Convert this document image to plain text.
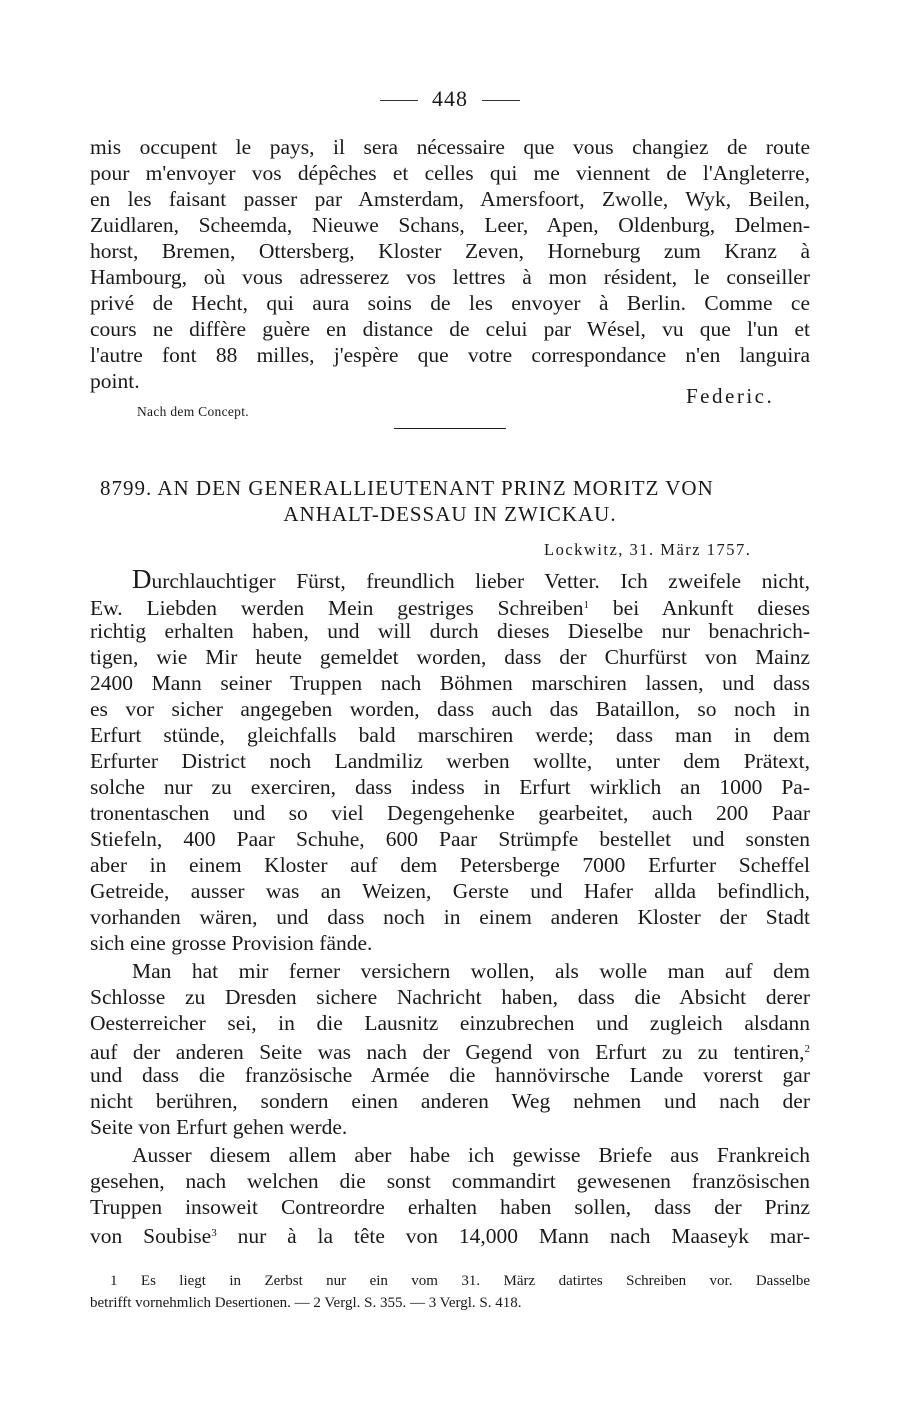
448
mis occupent le pays, il sera nécessaire que vous changiez de route
pour m'envoyer vos dépêches et celles qui me viennent de l'Angleterre,
en les faisant passer par Amsterdam, Amersfoort, Zwolle, Wyk, Beilen,
Zuidlaren, Scheemda, Nieuwe Schans, Leer, Apen, Oldenburg, Delmen-
horst, Bremen, Ottersberg, Kloster Zeven, Horneburg zum Kranz à
Hambourg, où vous adresserez vos lettres à mon résident, le conseiller
privé de Hecht, qui aura soins de les envoyer à Berlin. Comme ce
cours ne diffère guère en distance de celui par Wésel, vu que l'un et
l'autre font 88 milles, j'espère que votre correspondance n'en languira
point.
Federic.
Nach dem Concept.
8799. AN DEN GENERALLIEUTENANT PRINZ MORITZ VON
ANHALT-DESSAU IN ZWICKAU.
Lockwitz, 31. März 1757.
Durchlauchtiger Fürst, freundlich lieber Vetter. Ich zweifele nicht,
Ew. Liebden werden Mein gestriges Schreiben$^1$ bei Ankunft dieses
richtig erhalten haben, und will durch dieses Dieselbe nur benachrich-
tigen, wie Mir heute gemeldet worden, dass der Churfürst von Mainz
2400 Mann seiner Truppen nach Böhmen marschiren lassen, und dass
es vor sicher angegeben worden, dass auch das Bataillon, so noch in
Erfurt stünde, gleichfalls bald marschiren werde; dass man in dem
Erfurter District noch Landmiliz werben wollte, unter dem Prätext,
solche nur zu exerciren, dass indess in Erfurt wirklich an 1000 Pa-
tronentaschen und so viel Degengehenke gearbeitet, auch 200 Paar
Stiefeln, 400 Paar Schuhe, 600 Paar Strümpfe bestellet und sonsten
aber in einem Kloster auf dem Petersberge 7000 Erfurter Scheffel
Getreide, ausser was an Weizen, Gerste und Hafer allda befindlich,
vorhanden wären, und dass noch in einem anderen Kloster der Stadt
sich eine grosse Provision fände.
Man hat mir ferner versichern wollen, als wolle man auf dem
Schlosse zu Dresden sichere Nachricht haben, dass die Absicht derer
Oesterreicher sei, in die Lausnitz einzubrechen und zugleich alsdann
auf der anderen Seite was nach der Gegend von Erfurt zu zu tentiren,$^2$
und dass die französische Armée die hannövirsche Lande vorerst gar
nicht berühren, sondern einen anderen Weg nehmen und nach der
Seite von Erfurt gehen werde.
Ausser diesem allem aber habe ich gewisse Briefe aus Frankreich
gesehen, nach welchen die sonst commandirt gewesenen französischen
Truppen insoweit Contreordre erhalten haben sollen, dass der Prinz
von Soubise$^3$ nur à la tête von 14,000 Mann nach Maaseyk mar-
1 Es liegt in Zerbst nur ein vom 31. März datirtes Schreiben vor. Dasselbe
betrifft vornehmlich Desertionen. — 2 Vergl. S. 355. — 3 Vergl. S. 418.
